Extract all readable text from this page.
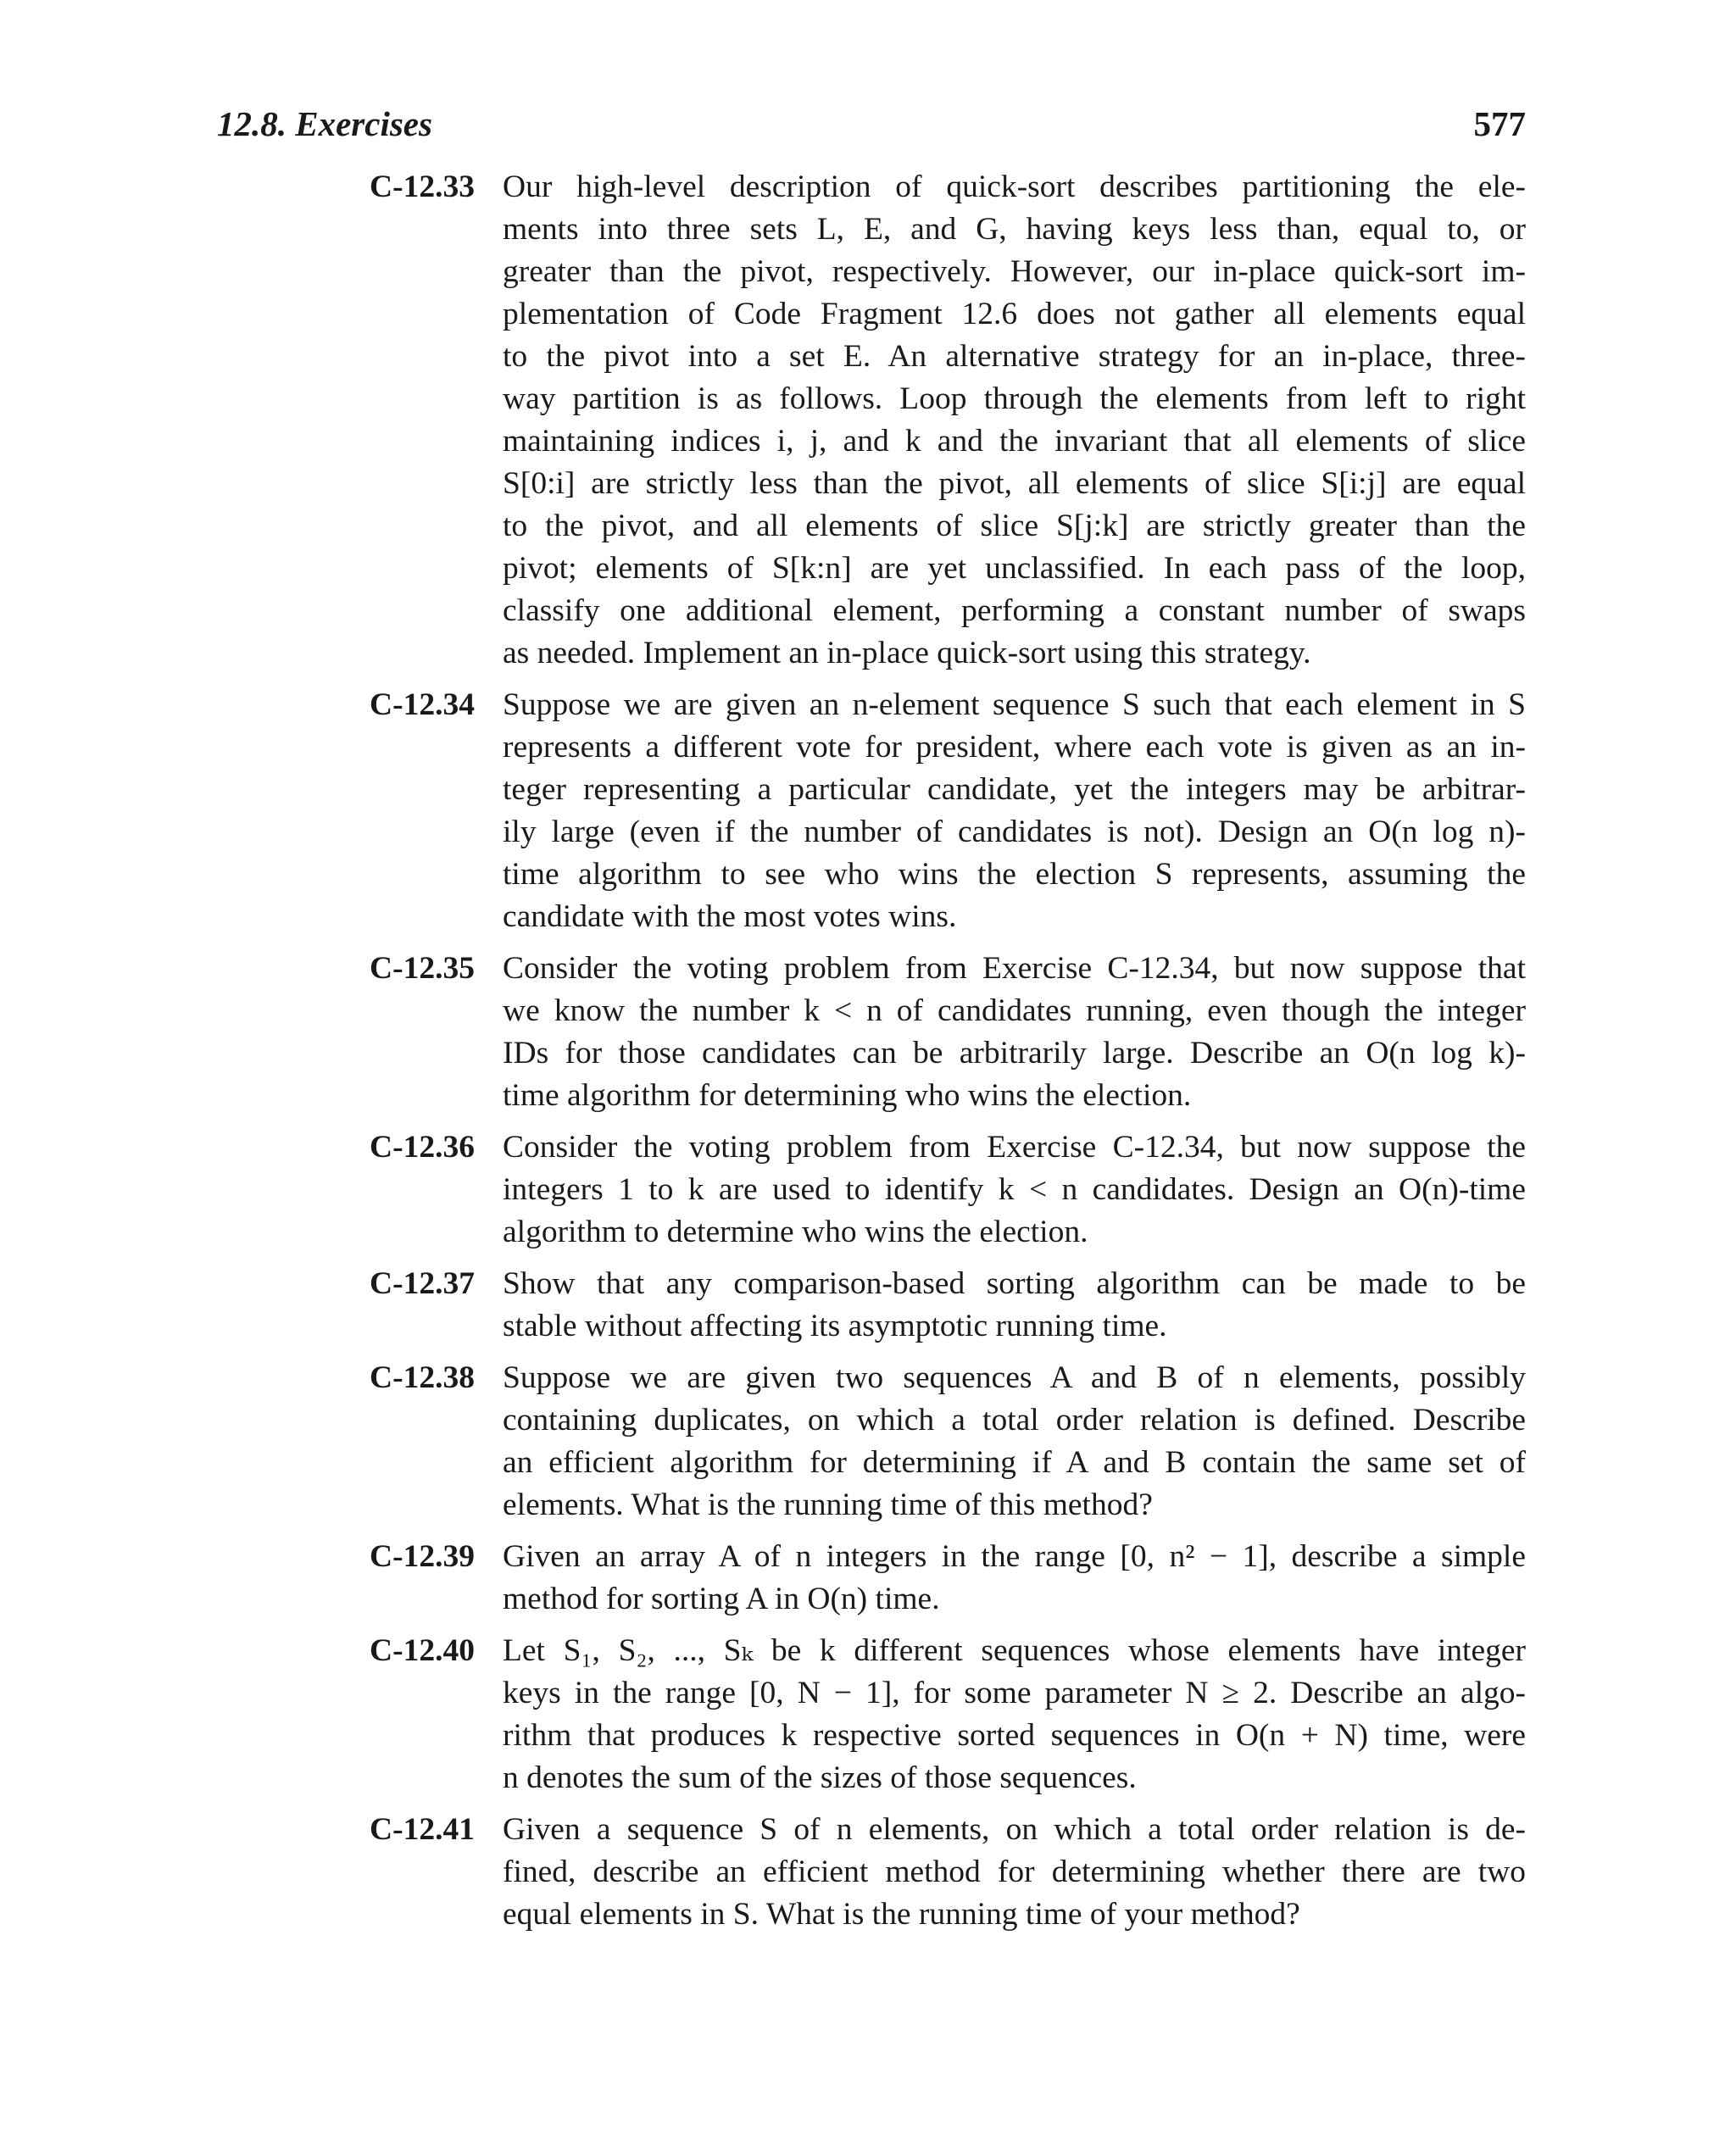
12.8. Exercises	577
C-12.33 Our high-level description of quick-sort describes partitioning the ele-
ments into three sets L, E, and G, having keys less than, equal to, or
greater than the pivot, respectively. However, our in-place quick-sort im-
plementation of Code Fragment 12.6 does not gather all elements equal
to the pivot into a set E. An alternative strategy for an in-place, three-
way partition is as follows. Loop through the elements from left to right
maintaining indices i, j, and k and the invariant that all elements of slice
S[0:i] are strictly less than the pivot, all elements of slice S[i:j] are equal
to the pivot, and all elements of slice S[j:k] are strictly greater than the
pivot; elements of S[k:n] are yet unclassified. In each pass of the loop,
classify one additional element, performing a constant number of swaps
as needed. Implement an in-place quick-sort using this strategy.
C-12.34 Suppose we are given an n-element sequence S such that each element in S
represents a different vote for president, where each vote is given as an in-
teger representing a particular candidate, yet the integers may be arbitrar-
ily large (even if the number of candidates is not). Design an O(n log n)-
time algorithm to see who wins the election S represents, assuming the
candidate with the most votes wins.
C-12.35 Consider the voting problem from Exercise C-12.34, but now suppose that
we know the number k < n of candidates running, even though the integer
IDs for those candidates can be arbitrarily large. Describe an O(n log k)-
time algorithm for determining who wins the election.
C-12.36 Consider the voting problem from Exercise C-12.34, but now suppose the
integers 1 to k are used to identify k < n candidates. Design an O(n)-time
algorithm to determine who wins the election.
C-12.37 Show that any comparison-based sorting algorithm can be made to be
stable without affecting its asymptotic running time.
C-12.38 Suppose we are given two sequences A and B of n elements, possibly
containing duplicates, on which a total order relation is defined. Describe
an efficient algorithm for determining if A and B contain the same set of
elements. What is the running time of this method?
C-12.39 Given an array A of n integers in the range [0, n² − 1], describe a simple
method for sorting A in O(n) time.
C-12.40 Let S₁, S₂, ..., Sₖ be k different sequences whose elements have integer
keys in the range [0, N − 1], for some parameter N ≥ 2. Describe an algo-
rithm that produces k respective sorted sequences in O(n + N) time, were
n denotes the sum of the sizes of those sequences.
C-12.41 Given a sequence S of n elements, on which a total order relation is de-
fined, describe an efficient method for determining whether there are two
equal elements in S. What is the running time of your method?
